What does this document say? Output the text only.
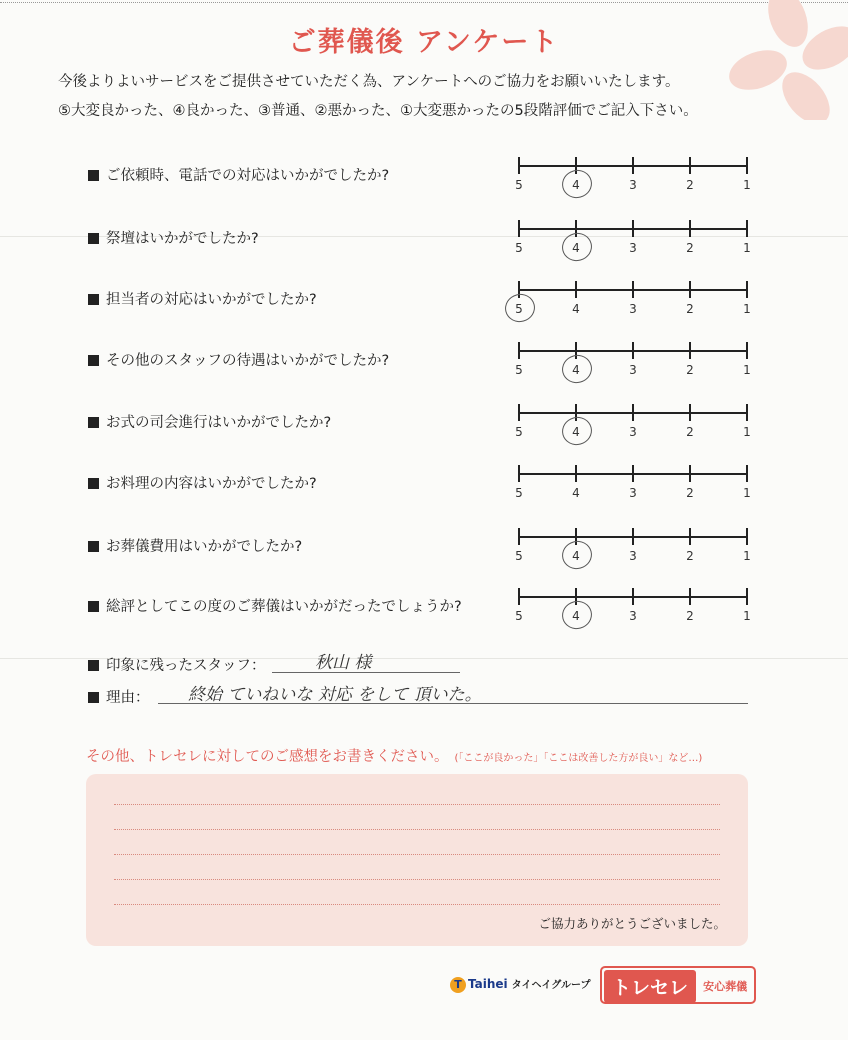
ご葬儀後 アンケート
今後よりよいサービスをご提供させていただく為、アンケートへのご協力をお願いいたします。
⑤大変良かった、④良かった、③普通、②悪かった、①大変悪かったの5段階評価でご記入下さい。
ご依頼時、電話での対応はいかがでしたか?
5	4	3	2	1
祭壇はいかがでしたか?
5	4	3	2	1
担当者の対応はいかがでしたか?
5	4	3	2	1
その他のスタッフの待遇はいかがでしたか?
5	4	3	2	1
お式の司会進行はいかがでしたか?
5	4	3	2	1
お料理の内容はいかがでしたか?
5	4	3	2	1
お葬儀費用はいかがでしたか?
5	4	3	2	1
総評としてこの度のご葬儀はいかがだったでしょうか?
5	4	3	2	1
印象に残ったスタッフ：	秋山 様
理由： 終始 ていねいな 対応 をして 頂いた。
その他、トレセレに対してのご感想をお書きください。 (「ここが良かった」「ここは改善した方が良い」など…)
ご協力ありがとうございました。
T Taihei タイヘイグループ	トレセレ $^{安心葬儀}$
